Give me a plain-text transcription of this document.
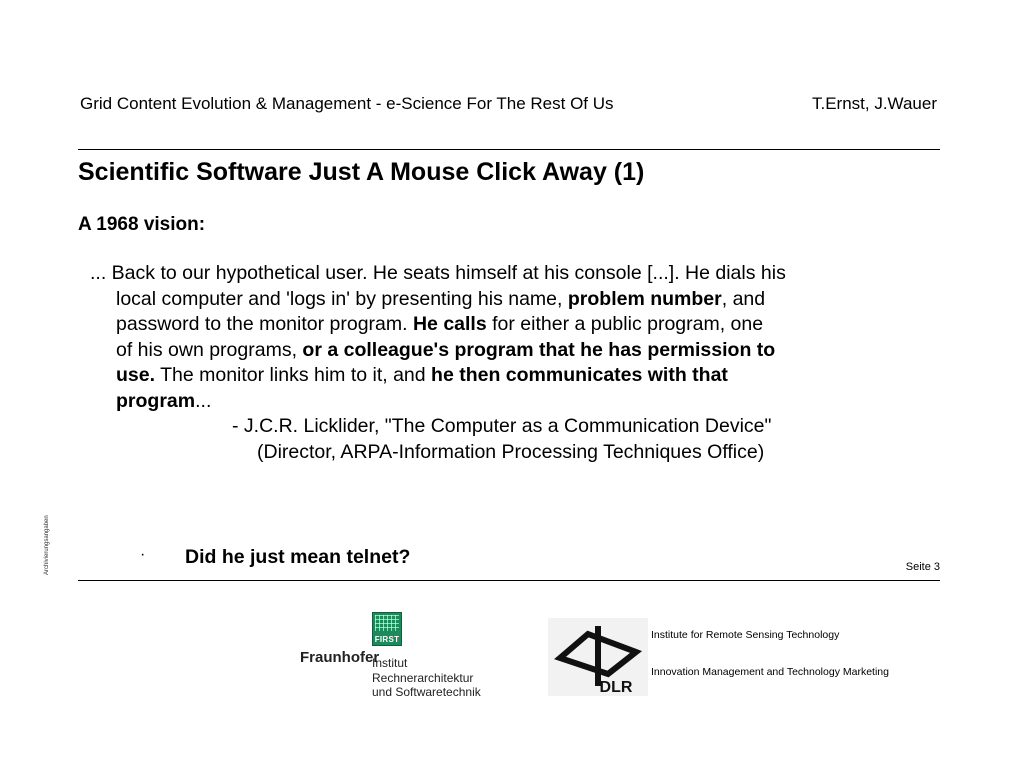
Grid Content Evolution & Management - e-Science For The Rest Of Us	T.Ernst, J.Wauer
Scientific Software Just A Mouse Click Away (1)
A 1968 vision:
... Back to our hypothetical user. He seats himself at his console [...]. He dials his
local computer and 'logs in' by presenting his name, problem number, and
password to the monitor program. He calls for either a public program, one
of his own programs, or a colleague's program that he has permission to
use. The monitor links him to it, and he then communicates with that
program...
- J.C.R. Licklider, "The Computer as a Communication Device"
(Director, ARPA-Information Processing Techniques Office)
Archivierungsangaben	· Did he just mean telnet?	Seite 3
FIRST
Fraunhofer
Institut
Rechnerarchitektur
und Softwaretechnik	DLR
Institute for Remote Sensing Technology
Innovation Management and Technology Marketing
